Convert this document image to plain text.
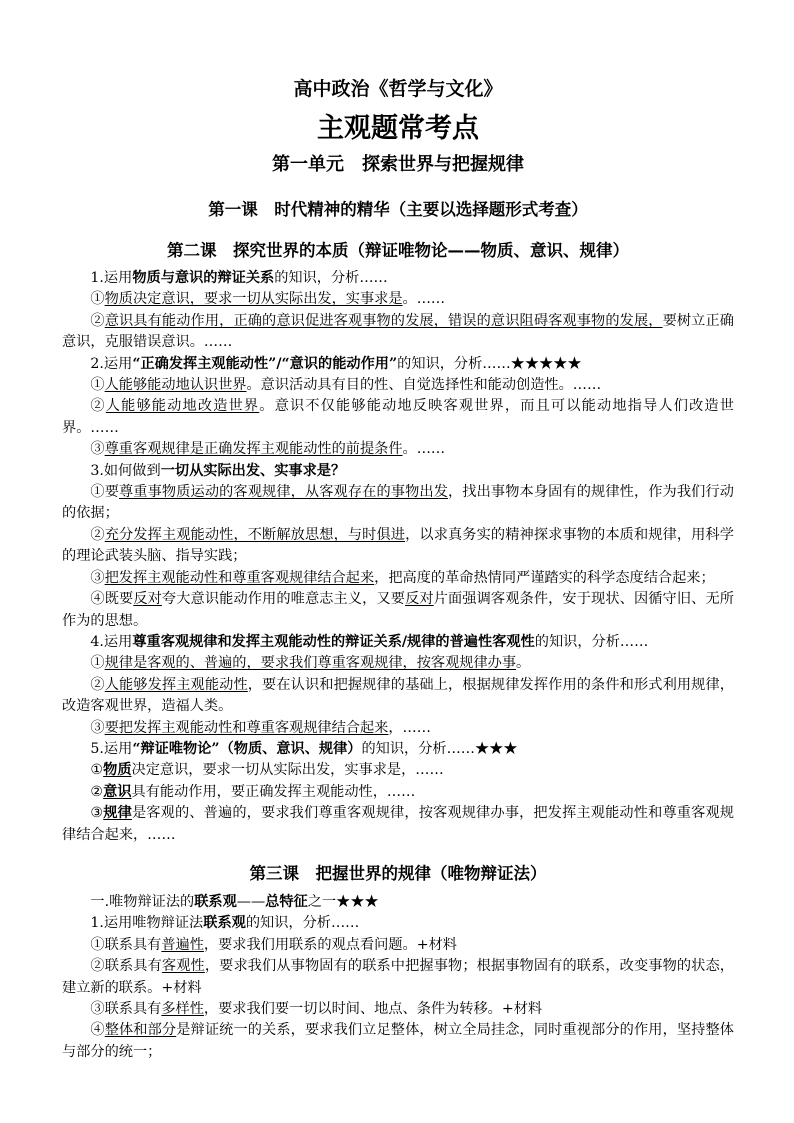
高中政治《哲学与文化》
主观题常考点
第一单元　探索世界与把握规律
第一课　时代精神的精华（主要以选择题形式考查）
第二课　探究世界的本质（辩证唯物论——物质、意识、规律）

1.运用物质与意识的辩证关系的知识，分析……

①物质决定意识，要求一切从实际出发，实事求是。……

②意识具有能动作用，正确的意识促进客观事物的发展，错误的意识阻碍客观事物的发展，要树立正确意识，克服错误意识。……

2.运用“正确发挥主观能动性”/“意识的能动作用”的知识，分析……★★★★★

①人能够能动地认识世界。意识活动具有目的性、自觉选择性和能动创造性。……

②人能够能动地改造世界。意识不仅能够能动地反映客观世界，而且可以能动地指导人们改造世界。……

③尊重客观规律是正确发挥主观能动性的前提条件。……

3.如何做到一切从实际出发、实事求是？

①要尊重事物质运动的客观规律，从客观存在的事物出发，找出事物本身固有的规律性，作为我们行动的依据；

②充分发挥主观能动性，不断解放思想，与时俱进，以求真务实的精神探求事物的本质和规律，用科学的理论武装头脑、指导实践；

③把发挥主观能动性和尊重客观规律结合起来，把高度的革命热情同严谨踏实的科学态度结合起来；

④既要反对夸大意识能动作用的唯意志主义，又要反对片面强调客观条件，安于现状、因循守旧、无所作为的思想。

4.运用尊重客观规律和发挥主观能动性的辩证关系/规律的普遍性客观性的知识，分析……

①规律是客观的、普遍的，要求我们尊重客观规律，按客观规律办事。

②人能够发挥主观能动性，要在认识和把握规律的基础上，根据规律发挥作用的条件和形式利用规律，改造客观世界，造福人类。

③要把发挥主观能动性和尊重客观规律结合起来，……

5.运用“辩证唯物论”（物质、意识、规律）的知识，分析……★★★

①物质决定意识，要求一切从实际出发，实事求是，……

②意识具有能动作用，要正确发挥主观能动性，……

③规律是客观的、普遍的，要求我们尊重客观规律，按客观规律办事，把发挥主观能动性和尊重客观规律结合起来，……

第三课　把握世界的规律（唯物辩证法）

一.唯物辩证法的联系观——总特征之一★★★

1.运用唯物辩证法联系观的知识，分析……

①联系具有普遍性，要求我们用联系的观点看问题。+材料

②联系具有客观性，要求我们从事物固有的联系中把握事物；根据事物固有的联系，改变事物的状态，建立新的联系。+材料

③联系具有多样性，要求我们要一切以时间、地点、条件为转移。+材料

④整体和部分是辩证统一的关系，要求我们立足整体，树立全局挂念，同时重视部分的作用，坚持整体与部分的统一；
